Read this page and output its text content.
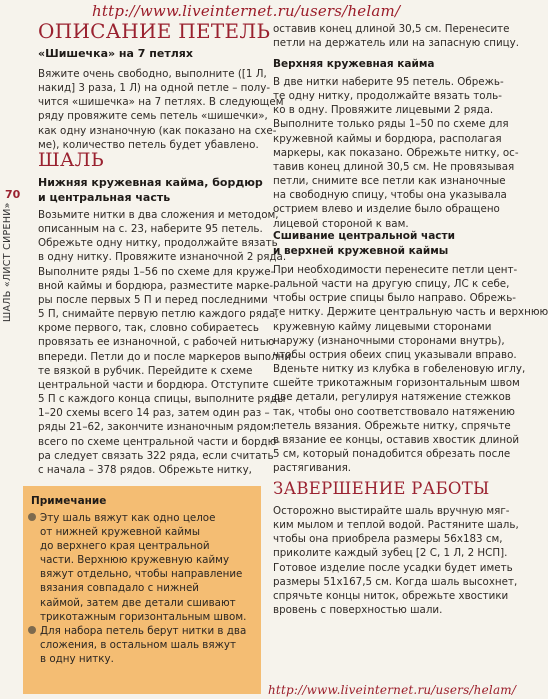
http://www.liveinternet.ru/users/helam/
http://www.liveinternet.ru/users/helam/
70
ШАЛЬ «ЛИСТ СИРЕНИ»
ОПИСАНИЕ ПЕТЕЛЬ
«Шишечка» на 7 петлях

Вяжите очень свободно, выполните ([1 Л,

накид] 3 раза, 1 Л) на одной петле – полу-

чится «шишечка» на 7 петлях. В следующем

ряду провяжите семь петель «шишечки»,

как одну изнаночную (как показано на схе-

ме), количество петель будет убавлено.

ШАЛЬ
Нижняя кружевная кайма, бордюр
и центральная часть

Возьмите нитки в два сложения и методом,

описанным на с. 23, наберите 95 петель.

Обрежьте одну нитку, продолжайте вязать

в одну нитку. Провяжите изнаночной 2 ряда.

Выполните ряды 1–56 по схеме для круже-

вной каймы и бордюра, разместите марке-

ры после первых 5 П и перед последними

5 П, снимайте первую петлю каждого ряда,

кроме первого, так, словно собираетесь

провязать ее изнаночной, с рабочей нитью

впереди. Петли до и после маркеров выполни-

те вязкой в рубчик. Перейдите к схеме

центральной части и бордюра. Отступите

5 П с каждого конца спицы, выполните ряды

1–20 схемы всего 14 раз, затем один раз –

ряды 21–62, закончите изнаночным рядом:

всего по схеме центральной части и бордю-

ра следует связать 322 ряда, если считать

с начала – 378 рядов. Обрежьте нитку,

Примечание

Эту шаль вяжут как одно целое

от нижней кружевной каймы

до верхнего края центральной

части. Верхнюю кружевную кайму

вяжут отдельно, чтобы направление

вязания совпадало с нижней

каймой, затем две детали сшивают

трикотажным горизонтальным швом.

Для набора петель берут нитки в два

сложения, в остальном шаль вяжут

в одну нитку.

оставив конец длиной 30,5 см. Перенесите

петли на держатель или на запасную спицу.

Верхняя кружевная кайма

В две нитки наберите 95 петель. Обрежь-

те одну нитку, продолжайте вязать толь-

ко в одну. Провяжите лицевыми 2 ряда.

Выполните только ряды 1–50 по схеме для

кружевной каймы и бордюра, располагая

маркеры, как показано. Обрежьте нитку, ос-

тавив конец длиной 30,5 см. Не провязывая

петли, снимите все петли как изнаночные

на свободную спицу, чтобы она указывала

острием влево и изделие было обращено

лицевой стороной к вам.

Сшивание центральной части
и верхней кружевной каймы

При необходимости перенесите петли цент-

ральной части на другую спицу, ЛС к себе,

чтобы острие спицы было направо. Обрежь-

те нитку. Держите центральную часть и верхнюю

кружевную кайму лицевыми сторонами

наружу (изнаночными сторонами внутрь),

чтобы острия обеих спиц указывали вправо.

Вденьте нитку из клубка в гобеленовую иглу,

сшейте трикотажным горизонтальным швом

две детали, регулируя натяжение стежков

так, чтобы оно соответствовало натяжению

петель вязания. Обрежьте нитку, спрячьте

в вязание ее концы, оставив хвостик длиной

5 см, который понадобится обрезать после

растягивания.

ЗАВЕРШЕНИЕ РАБОТЫ

Осторожно выстирайте шаль вручную мяг-

ким мылом и теплой водой. Растяните шаль,

чтобы она приобрела размеры 56х183 см,

приколите каждый зубец [2 С, 1 Л, 2 НСП].

Готовое изделие после усадки будет иметь

размеры 51х167,5 см. Когда шаль высохнет,

спрячьте концы ниток, обрежьте хвостики

вровень с поверхностью шали.
